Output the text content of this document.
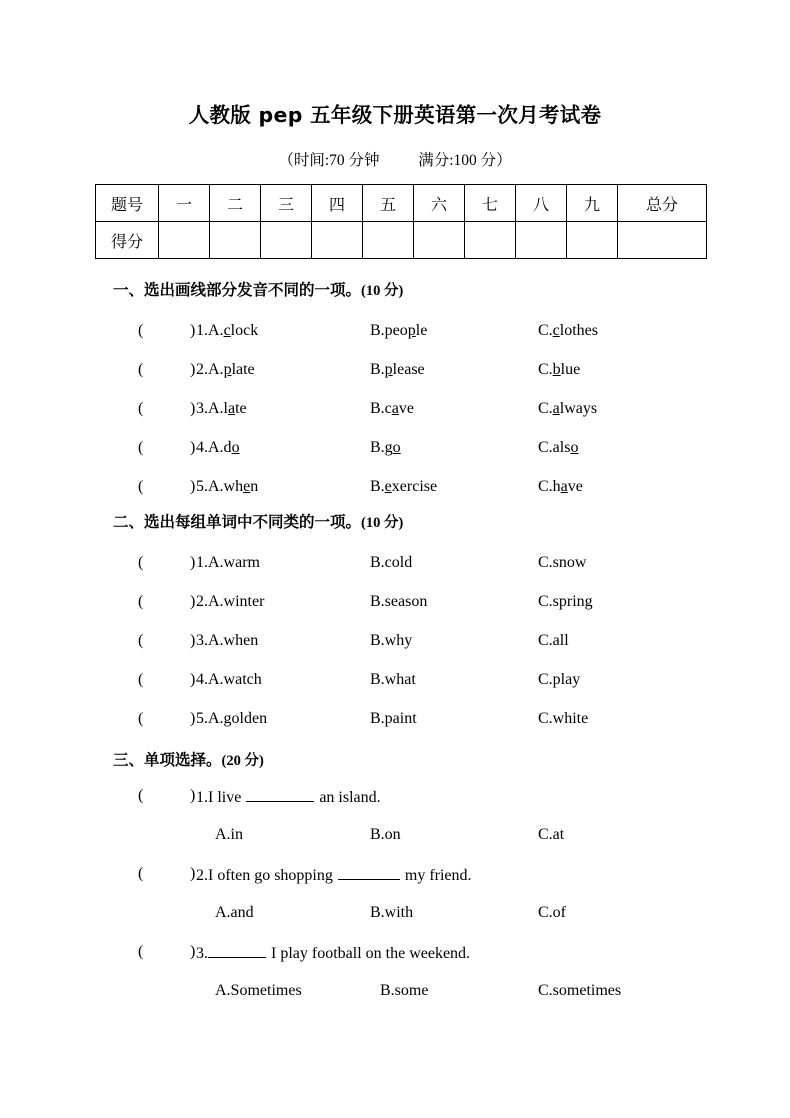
人教版 pep 五年级下册英语第一次月考试卷
（时间:70 分钟          满分:100 分）
题号	一	二	三	四	五	六	七	八	九	总分
得分										
一、选出画线部分发音不同的一项。(10 分)
(	) 1.A.clock	B.people	C.clothes
(	) 2.A.plate	B.please	C.blue
(	) 3.A.late	B.cave	C.always
(	) 4.A.do	B.go	C.also
(	) 5.A.when	B.exercise	C.have
二、选出每组单词中不同类的一项。(10 分)
(	) 1.A.warm	B.cold	C.snow
(	) 2.A.winter	B.season	C.spring
(	) 3.A.when	B.why	C.all
(	) 4.A.watch	B.what	C.play
(	) 5.A.golden	B.paint	C.white
三、单项选择。(20 分)
(	) 1.I live	an island.
A.in	B.on	C.at
(	) 2.I often go shopping	my friend.
A.and	B.with	C.of
(	) 3.	I play football on the weekend.
A.Sometimes	B.some	C.sometimes
